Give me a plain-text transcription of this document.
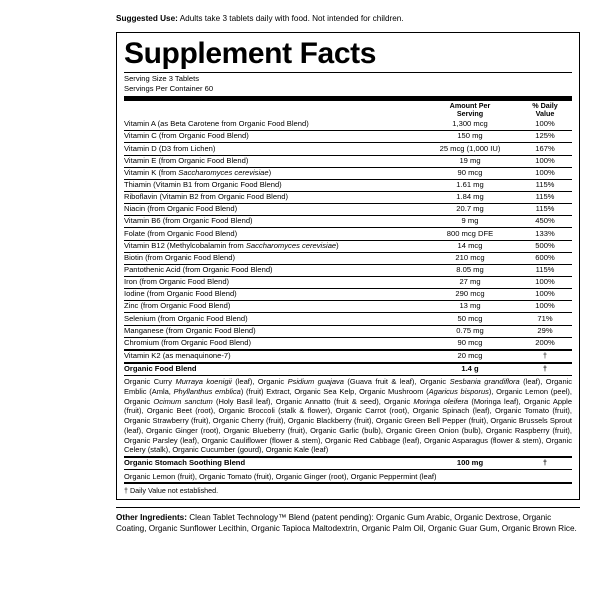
Suggested Use: Adults take 3 tablets daily with food. Not intended for children.

Supplement Facts
Serving Size 3 Tablets
Servings Per Container 60
	Amount Per
Serving	% Daily
Value
Vitamin A (as Beta Carotene from Organic Food Blend)	1,300 mcg	100%
Vitamin C (from Organic Food Blend)	150 mg	125%
Vitamin D (D3 from Lichen)	25 mcg (1,000 IU)	167%
Vitamin E (from Organic Food Blend)	19 mg	100%
Vitamin K (from Saccharomyces cerevisiae)	90 mcg	100%
Thiamin (Vitamin B1 from Organic Food Blend)	1.61 mg	115%
Riboflavin (Vitamin B2 from Organic Food Blend)	1.84 mg	115%
Niacin (from Organic Food Blend)	20.7 mg	115%
Vitamin B6 (from Organic Food Blend)	9 mg	450%
Folate (from Organic Food Blend)	800 mcg DFE	133%
Vitamin B12 (Methylcobalamin from Saccharomyces cerevisiae)	14 mcg	500%
Biotin (from Organic Food Blend)	210 mcg	600%
Pantothenic Acid (from Organic Food Blend)	8.05 mg	115%
Iron (from Organic Food Blend)	27 mg	100%
Iodine (from Organic Food Blend)	290 mcg	100%
Zinc (from Organic Food Blend)	13 mg	100%
Selenium (from Organic Food Blend)	50 mcg	71%
Manganese (from Organic Food Blend)	0.75 mg	29%
Chromium (from Organic Food Blend)	90 mcg	200%
Vitamin K2 (as menaquinone-7)	20 mcg	†
Organic Food Blend	1.4 g	†
Organic Curry Murraya koenigii (leaf), Organic Psidium guajava (Guava fruit & leaf), Organic Sesbania grandiflora (leaf), Organic Emblic (Amla, Phyllanthus emblica) (fruit) Extract, Organic Sea Kelp, Organic Mushroom (Agaricus bisporus), Organic Lemon (peel), Organic Ocimum sanctum (Holy Basil leaf), Organic Annatto (fruit & seed), Organic Moringa oleifera (Moringa leaf), Organic Apple (fruit), Organic Beet (root), Organic Broccoli (stalk & flower), Organic Carrot (root), Organic Spinach (leaf), Organic Tomato (fruit), Organic Strawberry (fruit), Organic Cherry (fruit), Organic Blackberry (fruit), Organic Green Bell Pepper (fruit), Organic Brussels Sprout (leaf), Organic Ginger (root), Organic Blueberry (fruit), Organic Garlic (bulb), Organic Green Onion (bulb), Organic Raspberry (fruit), Organic Parsley (leaf), Organic Cauliflower (flower & stem), Organic Red Cabbage (leaf), Organic Asparagus (flower & stem), Organic Celery (stalk), Organic Cucumber (gourd), Organic Kale (leaf)		
Organic Stomach Soothing Blend	100 mg	†
Organic Lemon (fruit), Organic Tomato (fruit), Organic Ginger (root), Organic Peppermint (leaf)		
† Daily Value not established.

Other Ingredients: Clean Tablet Technology™ Blend (patent pending): Organic Gum Arabic, Organic Dextrose, Organic Coating, Organic Sunflower Lecithin, Organic Tapioca Maltodextrin, Organic Palm Oil, Organic Guar Gum, Organic Brown Rice.
